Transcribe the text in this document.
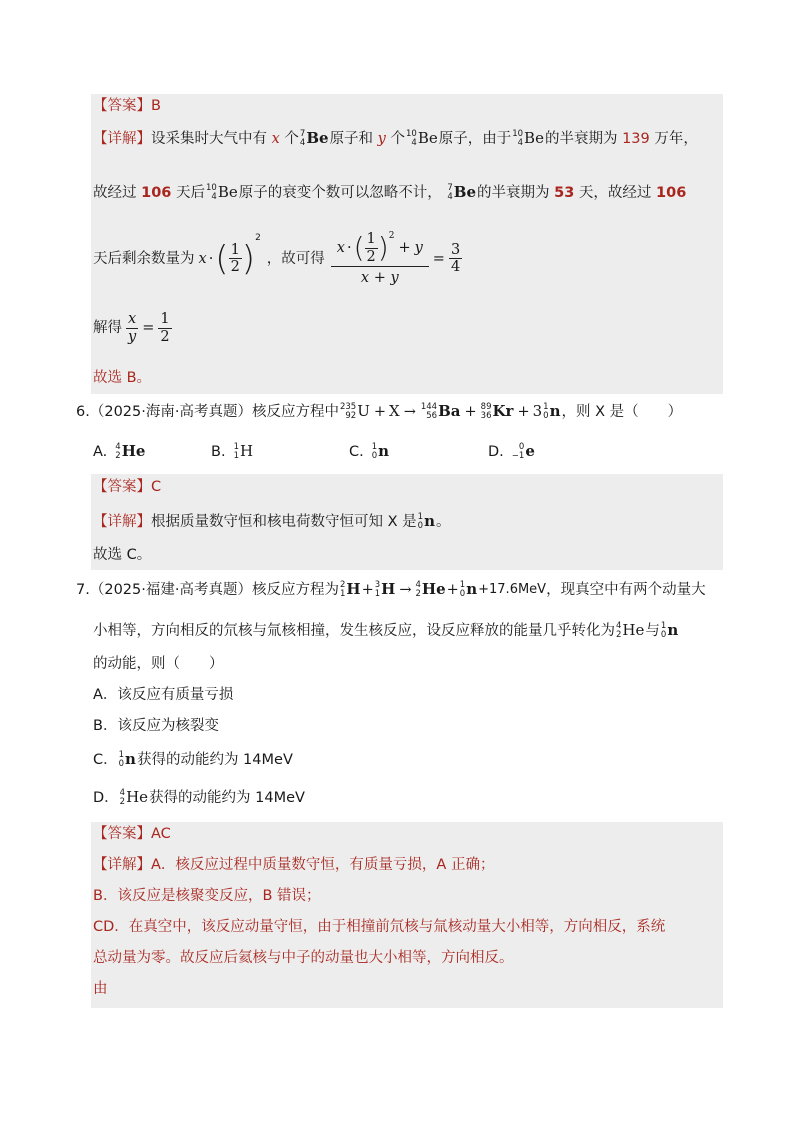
【答案】B
【详解】设采集时大气中有 x 个 7
4 Be 原子和 y 个 10
4 Be 原子，由于 10
4 Be 的半衰期为 139 万年，
故经过 106 天后 10
4 Be 原子的衰变个数可以忽略不计， 7
4 Be 的半衰期为 53 天，故经过 106
天后剩余数量为 x · ( $\frac{1}{2}$ )
2
，故可得 x · ( $\frac{1}{2}$ ) 2
+ y
$x + y = \frac{3}{4}$
解得 $\frac{x}{y} = \frac{1}{2}$
故选 B。
6. （2025·海南·高考真题） 核反应方程中 235
92 U + X → 144
56 Ba + 89
36 Kr + 3 1
0 n ，则 X 是（　　）
A. 4
2 He	B. 1
1 H	C. 1
0 n	D. 0
−1 e
【答案】C
【详解】 根据质量数守恒和核电荷数守恒可知 X 是 1
0 n 。
故选 C。
7. （2025·福建·高考真题） 核反应方程为 2
1 H + 3
1 H → 4
2 He + 1
0 n +17.6MeV ，现真空中有两个动量大
小相等，方向相反的氘核与氚核相撞，发生核反应，设反应释放的能量几乎转化为 4
2 He 与 1
0 n
的动能，则（　　）
A．该反应有质量亏损
B．该反应为核裂变
C． 1
0 n 获得的动能约为 14MeV
D． 4
2 He 获得的动能约为 14MeV
【答案】AC
【详解】A．核反应过程中质量数守恒，有质量亏损，A 正确；
B．该反应是核聚变反应，B 错误；
CD．在真空中，该反应动量守恒，由于相撞前氘核与氚核动量大小相等，方向相反，系统
总动量为零。故反应后氦核与中子的动量也大小相等，方向相反。
由
